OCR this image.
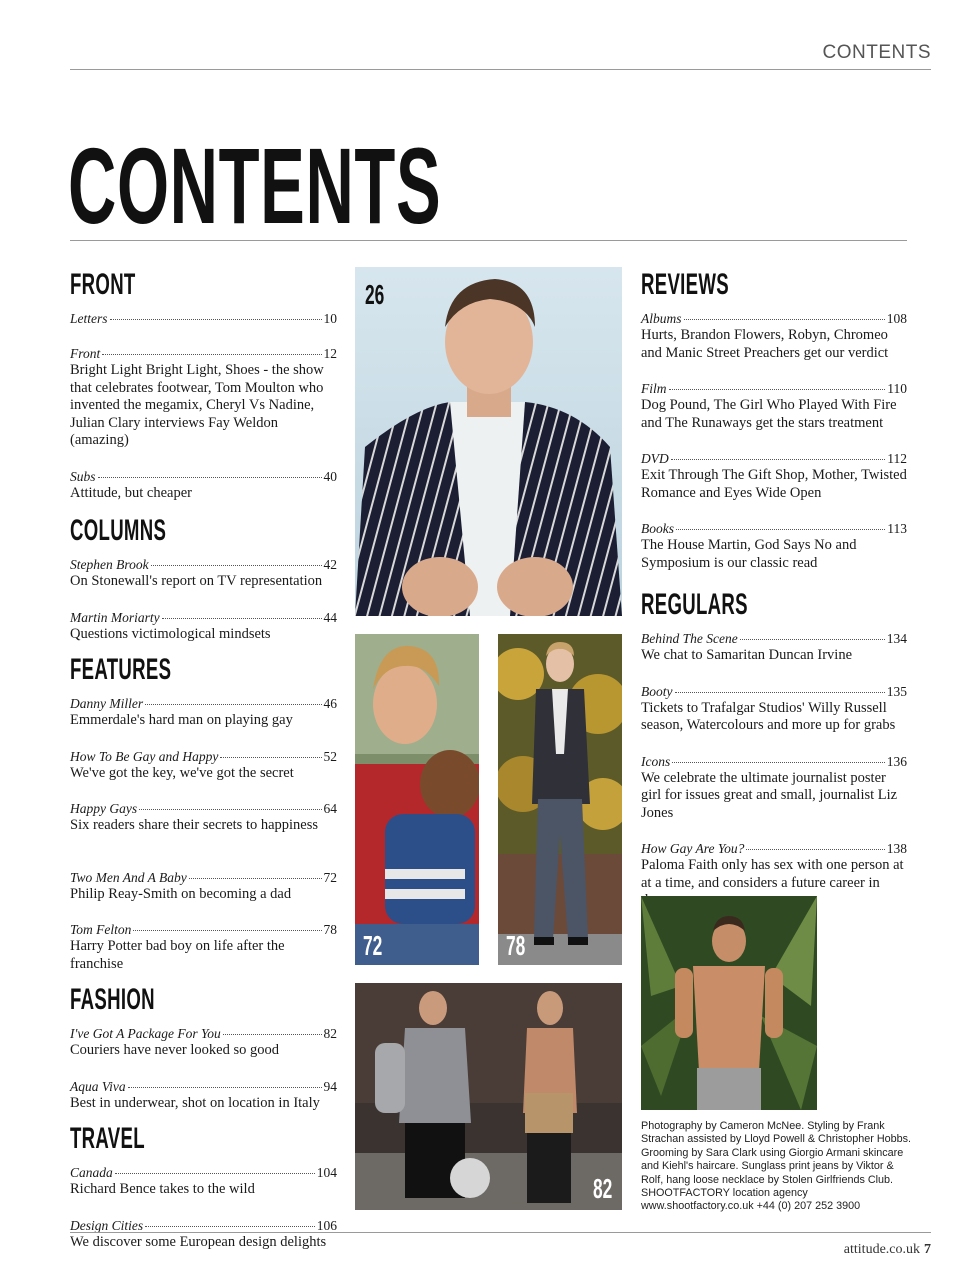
CONTENTS
CONTENTS
FRONT
Letters	10
Front	12
Bright Light Bright Light, Shoes - the show that celebrates footwear, Tom Moulton who invented the megamix, Cheryl Vs Nadine, Julian Clary interviews Fay Weldon (amazing)
Subs	40
Attitude, but cheaper
COLUMNS
Stephen Brook	42
On Stonewall's report on TV representation
Martin Moriarty	44
Questions victimological mindsets
FEATURES
Danny Miller	46
Emmerdale's hard man on playing gay
How To Be Gay and Happy	52
We've got the key, we've got the secret
Happy Gays	64
Six readers share their secrets to happiness
Two Men And A Baby	72
Philip Reay-Smith on becoming a dad
Tom Felton	78
Harry Potter bad boy on life after the franchise
FASHION
I've Got A Package For You	82
Couriers have never looked so good
Aqua Viva	94
Best in underwear, shot on location in Italy
TRAVEL
Canada	104
Richard Bence takes to the wild
Design Cities	106
We discover some European design delights
REVIEWS
Albums	108
Hurts, Brandon Flowers, Robyn, Chromeo and Manic Street Preachers get our verdict
Film	110
Dog Pound, The Girl Who Played With Fire and The Runaways get the stars treatment
DVD	112
Exit Through The Gift Shop, Mother, Twisted Romance and Eyes Wide Open
Books	113
The House Martin, God Says No and Symposium is our classic read
REGULARS
Behind The Scene	134
We chat to Samaritan Duncan Irvine
Booty	135
Tickets to Trafalgar Studios' Willy Russell season, Watercolours and more up for grabs
Icons	136
We celebrate the ultimate journalist poster girl for issues great and small, journalist Liz Jones
How Gay Are You?	138
Paloma Faith only has sex with one person at at a time, and considers a future career in
26
72	78
82
Photography by Cameron McNee. Styling by Frank Strachan assisted by Lloyd Powell & Christopher Hobbs. Grooming by Sara Clark using Giorgio Armani skincare and Kiehl's haircare. Sunglass print jeans by Viktor & Rolf, hang loose necklace by Stolen Girlfriends Club. SHOOTFACTORY location agency www.shootfactory.co.uk +44 (0) 207 252 3900
attitude.co.uk 7
